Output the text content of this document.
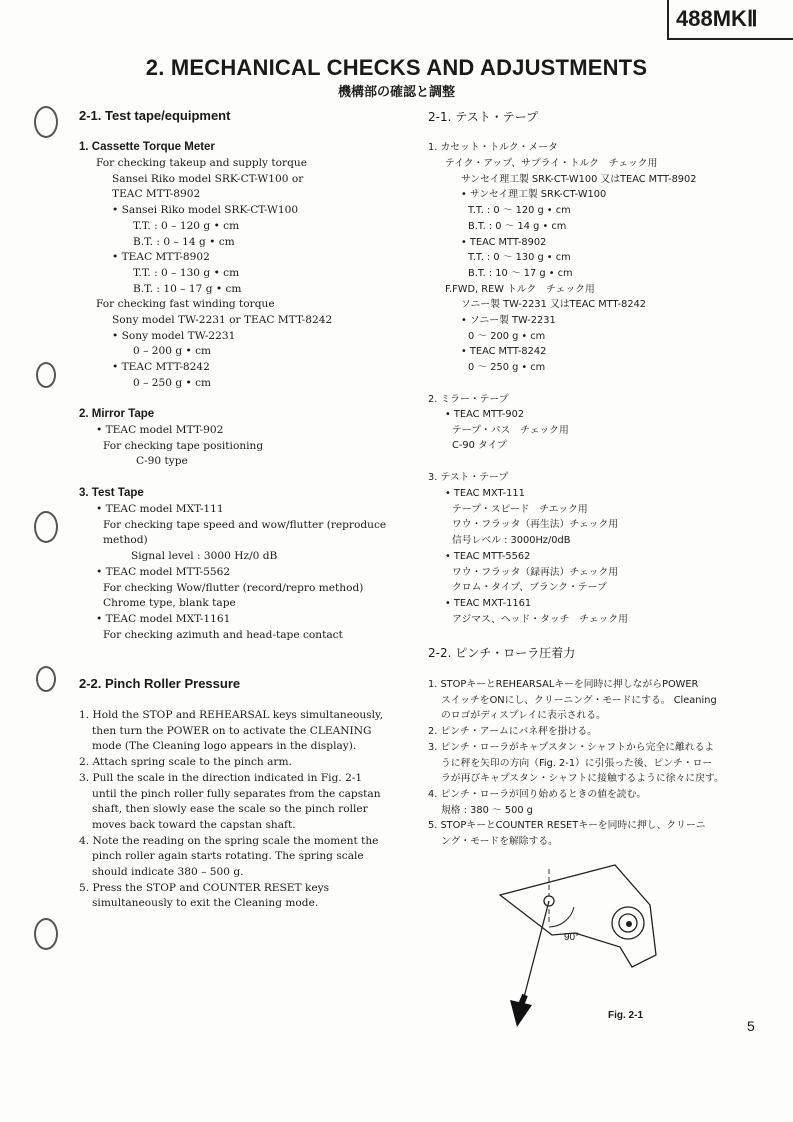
488MKⅡ
2. MECHANICAL CHECKS AND ADJUSTMENTS
機構部の確認と調整
2-1. Test tape/equipment	2-1. テスト・テープ
1. Cassette Torque Meter
For checking takeup and supply torque
Sansei Riko model SRK-CT-W100 or
TEAC MTT-8902
• Sansei Riko model SRK-CT-W100
T.T. : 0 – 120 g • cm
B.T. : 0 – 14 g • cm
• TEAC MTT-8902
T.T. : 0 – 130 g • cm
B.T. : 10 – 17 g • cm
For checking fast winding torque
Sony model TW-2231 or TEAC MTT-8242
• Sony model TW-2231
0 – 200 g • cm
• TEAC MTT-8242
0 – 250 g • cm
1. カセット・トルク・メータ
テイク・アップ、サプライ・トルク　チェック用
サンセイ理工製 SRK-CT-W100 又はTEAC MTT-8902
• サンセイ理工製 SRK-CT-W100
T.T. : 0 ～ 120 g • cm
B.T. : 0 ～ 14 g • cm
• TEAC MTT-8902
T.T. : 0 ～ 130 g • cm
B.T. : 10 ～ 17 g • cm
F.FWD, REW トルク　チェック用
ソニー製 TW-2231 又はTEAC MTT-8242
• ソニー製 TW-2231
0 ～ 200 g • cm
• TEAC MTT-8242
0 ～ 250 g • cm
2. Mirror Tape
• TEAC model MTT-902
For checking tape positioning
C-90 type
2. ミラー・テープ
• TEAC MTT-902
テープ・パス　チェック用
C-90 タイプ
3. Test Tape
• TEAC model MXT-111
For checking tape speed and wow/flutter (reproduce
method)
Signal level : 3000 Hz/0 dB
• TEAC model MTT-5562
For checking Wow/flutter (record/repro method)
Chrome type, blank tape
• TEAC model MXT-1161
For checking azimuth and head-tape contact
3. テスト・テープ
• TEAC MXT-111
テープ・スピード　チエック用
ワウ・フラッタ（再生法）チェック用
信号レベル : 3000Hz/0dB
• TEAC MTT-5562
ワウ・フラッタ（録再法）チェック用
クロム・タイプ、ブランク・テープ
• TEAC MXT-1161
アジマス、ヘッド・タッチ　チェック用
2-2. Pinch Roller Pressure
2-2. ピンチ・ローラ圧着力
1. Hold the STOP and REHEARSAL keys simultaneously,
then turn the POWER on to activate the CLEANING
mode (The Cleaning logo appears in the display).
2. Attach spring scale to the pinch arm.
3. Pull the scale in the direction indicated in Fig. 2-1
until the pinch roller fully separates from the capstan
shaft, then slowly ease the scale so the pinch roller
moves back toward the capstan shaft.
4. Note the reading on the spring scale the moment the
pinch roller again starts rotating. The spring scale
should indicate 380 – 500 g.
5. Press the STOP and COUNTER RESET keys
simultaneously to exit the Cleaning mode.
1. STOPキーとREHEARSALキーを同時に押しながらPOWER
スイッチをONにし、クリーニング・モードにする。 Cleaning
のロゴがディスプレイに表示される。
2. ピンチ・アームにバネ秤を掛ける。
3. ピンチ・ローラがキャプスタン・シャフトから完全に離れるよ
うに秤を矢印の方向（Fig. 2-1）に引張った後、ピンチ・ロー
ラが再びキャプスタン・シャフトに接触するように徐々に戻す。
4. ピンチ・ローラが回り始めるときの値を読む。
規格 : 380 ～ 500 g
5. STOPキーとCOUNTER RESETキーを同時に押し、クリーニ
ング・モードを解除する。
90°
Fig. 2-1
5
